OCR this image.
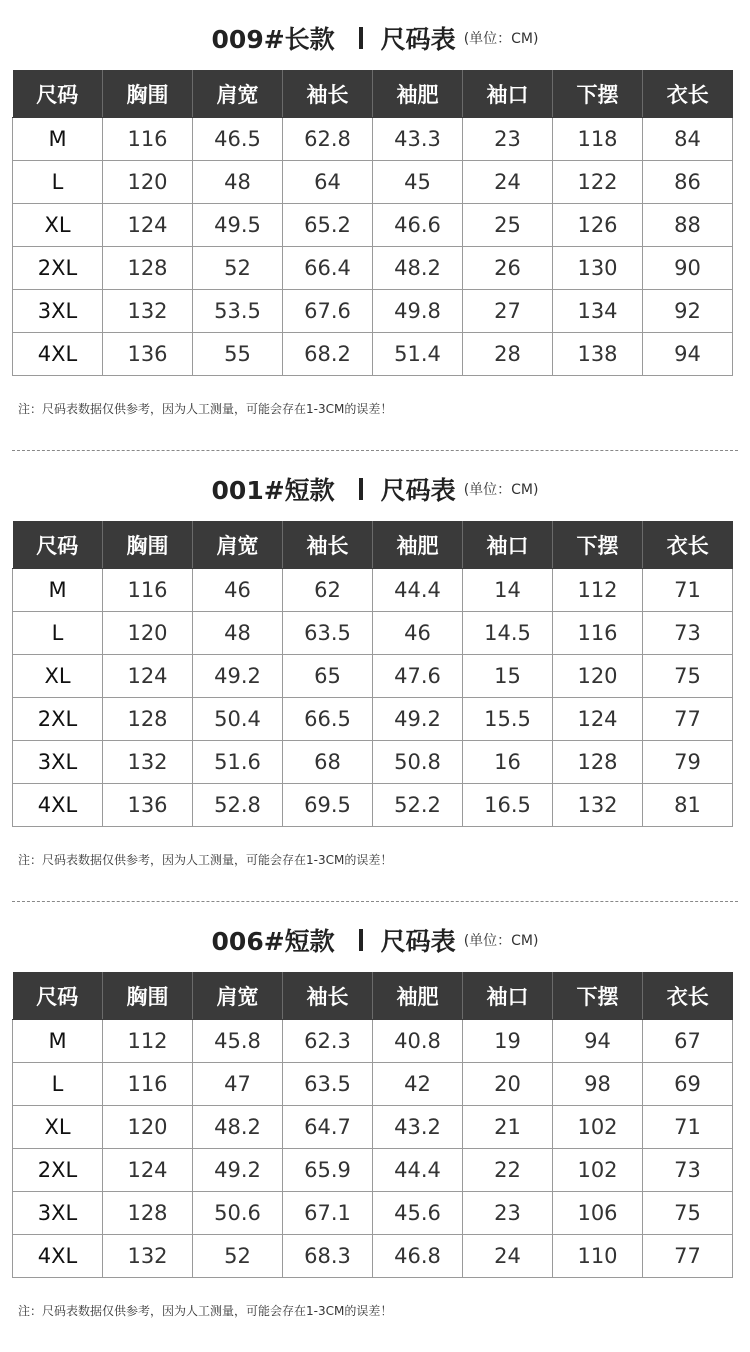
009#长款 尺码表 (单位：CM)
尺码	胸围	肩宽	袖长	袖肥	袖口	下摆	衣长
M	116	46.5	62.8	43.3	23	118	84
L	120	48	64	45	24	122	86
XL	124	49.5	65.2	46.6	25	126	88
2XL	128	52	66.4	48.2	26	130	90
3XL	132	53.5	67.6	49.8	27	134	92
4XL	136	55	68.2	51.4	28	138	94
注：尺码表数据仅供参考，因为人工测量，可能会存在1-3CM的误差！
001#短款 尺码表 (单位：CM)
尺码	胸围	肩宽	袖长	袖肥	袖口	下摆	衣长
M	116	46	62	44.4	14	112	71
L	120	48	63.5	46	14.5	116	73
XL	124	49.2	65	47.6	15	120	75
2XL	128	50.4	66.5	49.2	15.5	124	77
3XL	132	51.6	68	50.8	16	128	79
4XL	136	52.8	69.5	52.2	16.5	132	81
注：尺码表数据仅供参考，因为人工测量，可能会存在1-3CM的误差！
006#短款 尺码表 (单位：CM)
尺码	胸围	肩宽	袖长	袖肥	袖口	下摆	衣长
M	112	45.8	62.3	40.8	19	94	67
L	116	47	63.5	42	20	98	69
XL	120	48.2	64.7	43.2	21	102	71
2XL	124	49.2	65.9	44.4	22	102	73
3XL	128	50.6	67.1	45.6	23	106	75
4XL	132	52	68.3	46.8	24	110	77
注：尺码表数据仅供参考，因为人工测量，可能会存在1-3CM的误差！
